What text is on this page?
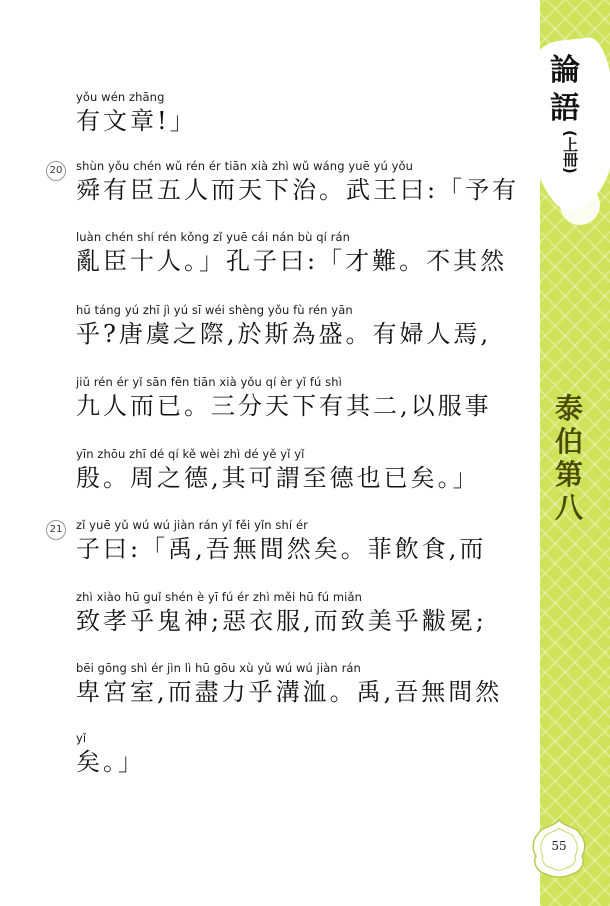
論
語
(上冊)
泰
伯
第
八
55
yǒu wén zhāng
有文章!」
20	shùn yǒu chén wǔ rén ér tiān xià zhì wǔ wáng yuē yú yǒu
舜有臣五人而天下治。武王曰:「予有
luàn chén shí rén kǒng zǐ yuē cái nán bù qí rán
亂臣十人。」孔子曰:「才難。不其然
hū táng yú zhī jì yú sī wéi shèng yǒu fù rén yān
乎?唐虞之際,於斯為盛。有婦人焉,
jiǔ rén ér yǐ sān fēn tiān xià yǒu qí èr yǐ fú shì
九人而已。三分天下有其二,以服事
yīn zhōu zhī dé qí kě wèi zhì dé yě yǐ yǐ
殷。周之德,其可謂至德也已矣。」
21	zǐ yuē yǔ wú wú jiàn rán yǐ fěi yǐn shí ér
子曰:「禹,吾無間然矣。菲飲食,而
zhì xiào hū guǐ shén è yī fú ér zhì měi hū fú miǎn
致孝乎鬼神;惡衣服,而致美乎黻冕;
bēi gōng shì ér jìn lì hū gōu xù yǔ wú wú jiàn rán
卑宮室,而盡力乎溝洫。禹,吾無間然
yǐ
矣。」
